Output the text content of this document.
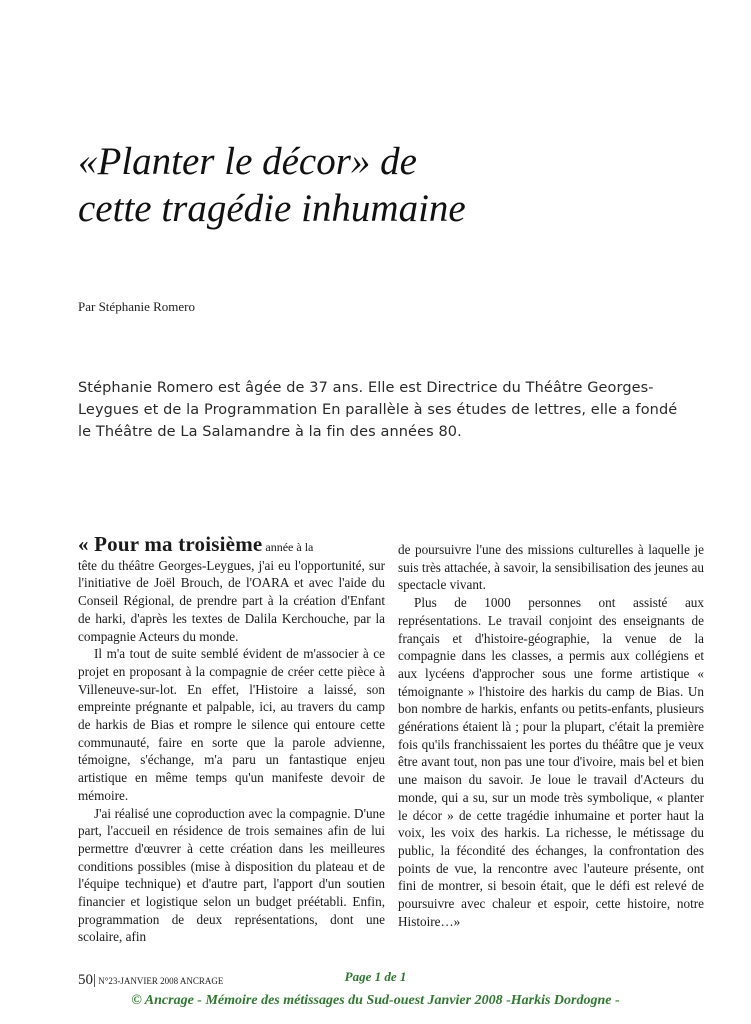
«Planter le décor» de
cette tragédie inhumaine
Par Stéphanie Romero
Stéphanie Romero est âgée de 37 ans. Elle est Directrice du Théâtre Georges-
Leygues et de la Programmation En parallèle à ses études de lettres, elle a fondé
le Théâtre de La Salamandre à la fin des années 80.
« Pour ma troisième année à la

tête du théâtre Georges-Leygues, j'ai eu l'opportunité, sur l'initiative de Joël Brouch, de l'OARA et avec l'aide du Conseil Régional, de prendre part à la création d'Enfant de harki, d'après les textes de Dalila Kerchouche, par la compagnie Acteurs du monde.

Il m'a tout de suite semblé évident de m'associer à ce projet en proposant à la compagnie de créer cette pièce à Villeneuve-sur-lot. En effet, l'Histoire a laissé, son empreinte prégnante et palpable, ici, au travers du camp de harkis de Bias et rompre le silence qui entoure cette communauté, faire en sorte que la parole advienne, témoigne, s'échange, m'a paru un fantastique enjeu artistique en même temps qu'un manifeste devoir de mémoire.

J'ai réalisé une coproduction avec la compagnie. D'une part, l'accueil en résidence de trois semaines afin de lui permettre d'œuvrer à cette création dans les meilleures conditions possibles (mise à disposition du plateau et de l'équipe technique) et d'autre part, l'apport d'un soutien financier et logistique selon un budget préétabli. Enfin, programmation de deux représentations, dont une scolaire, afin

de poursuivre l'une des missions culturelles à laquelle je suis très attachée, à savoir, la sensibilisation des jeunes au spectacle vivant.

Plus de 1000 personnes ont assisté aux représentations. Le travail conjoint des enseignants de français et d'histoire-géographie, la venue de la compagnie dans les classes, a permis aux collégiens et aux lycéens d'approcher sous une forme artistique « témoignante » l'histoire des harkis du camp de Bias. Un bon nombre de harkis, enfants ou petits-enfants, plusieurs générations étaient là ; pour la plupart, c'était la première fois qu'ils franchissaient les portes du théâtre que je veux être avant tout, non pas une tour d'ivoire, mais bel et bien une maison du savoir. Je loue le travail d'Acteurs du monde, qui a su, sur un mode très symbolique, « planter le décor » de cette tragédie inhumaine et porter haut la voix, les voix des harkis. La richesse, le métissage du public, la fécondité des échanges, la confrontation des points de vue, la rencontre avec l'auteure présente, ont fini de montrer, si besoin était, que le défi est relevé de poursuivre avec chaleur et espoir, cette histoire, notre Histoire…»

50| N°23-JANVIER 2008 ANCRAGE	Page 1 de 1
© Ancrage - Mémoire des métissages du Sud-ouest Janvier 2008 -Harkis Dordogne -
